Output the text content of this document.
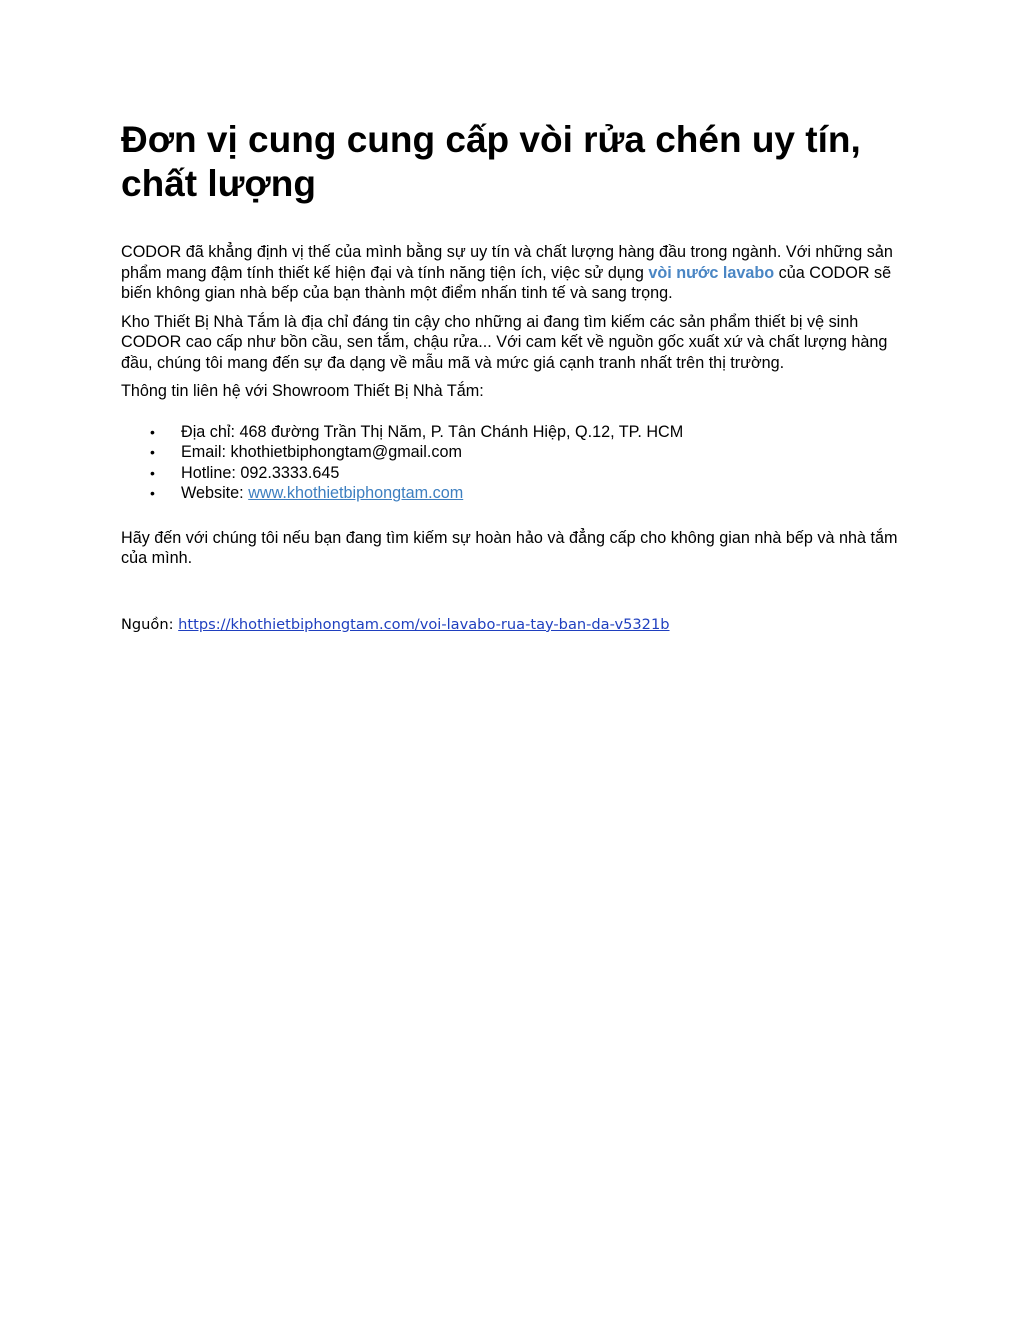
Đơn vị cung cung cấp vòi rửa chén uy tín, chất lượng

CODOR đã khẳng định vị thế của mình bằng sự uy tín và chất lượng hàng đầu trong ngành. Với những sản phẩm mang đậm tính thiết kế hiện đại và tính năng tiện ích, việc sử dụng vòi nước lavabo của CODOR sẽ biến không gian nhà bếp của bạn thành một điểm nhấn tinh tế và sang trọng.

Kho Thiết Bị Nhà Tắm là địa chỉ đáng tin cậy cho những ai đang tìm kiếm các sản phẩm thiết bị vệ sinh CODOR cao cấp như bồn cầu, sen tắm, chậu rửa... Với cam kết về nguồn gốc xuất xứ và chất lượng hàng đầu, chúng tôi mang đến sự đa dạng về mẫu mã và mức giá cạnh tranh nhất trên thị trường.

Thông tin liên hệ với Showroom Thiết Bị Nhà Tắm:

• Địa chỉ: 468 đường Trần Thị Năm, P. Tân Chánh Hiệp, Q.12, TP. HCM
• Email: khothietbiphongtam@gmail.com
• Hotline: 092.3333.645
• Website: www.khothietbiphongtam.com

Hãy đến với chúng tôi nếu bạn đang tìm kiếm sự hoàn hảo và đẳng cấp cho không gian nhà bếp và nhà tắm của mình.

Nguồn: https://khothietbiphongtam.com/voi-lavabo-rua-tay-ban-da-v5321b
